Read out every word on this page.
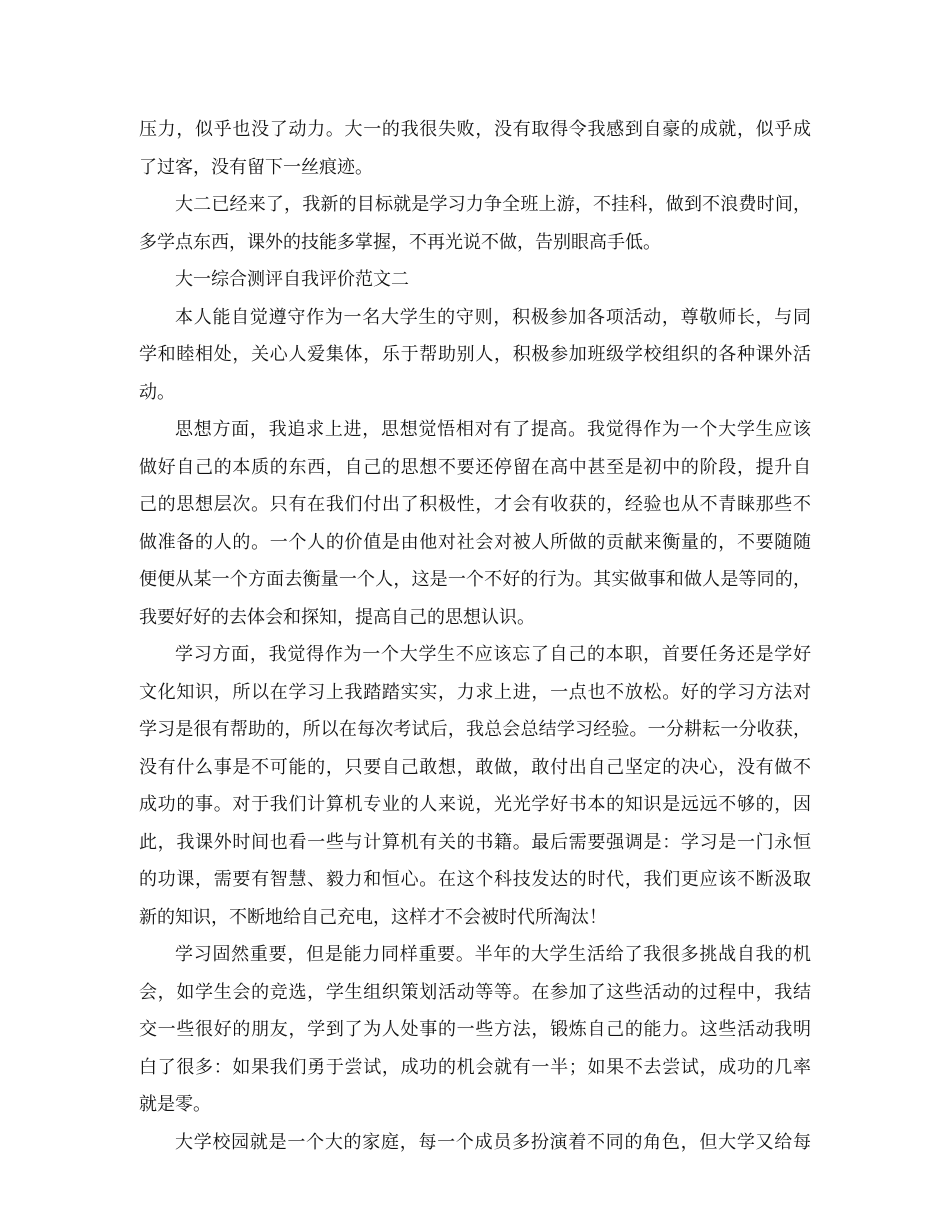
压力，似乎也没了动力。大一的我很失败，没有取得令我感到自豪的成就，似乎成
了过客，没有留下一丝痕迹。
大二已经来了，我新的目标就是学习力争全班上游，不挂科，做到不浪费时间，
多学点东西，课外的技能多掌握，不再光说不做，告别眼高手低。
大一综合测评自我评价范文二
本人能自觉遵守作为一名大学生的守则，积极参加各项活动，尊敬师长，与同
学和睦相处，关心人爱集体，乐于帮助别人，积极参加班级学校组织的各种课外活
动。
思想方面，我追求上进，思想觉悟相对有了提高。我觉得作为一个大学生应该
做好自己的本质的东西，自己的思想不要还停留在高中甚至是初中的阶段，提升自
己的思想层次。只有在我们付出了积极性，才会有收获的，经验也从不青睐那些不
做准备的人的。一个人的价值是由他对社会对被人所做的贡献来衡量的，不要随随
便便从某一个方面去衡量一个人，这是一个不好的行为。其实做事和做人是等同的，
我要好好的去体会和探知，提高自己的思想认识。
学习方面，我觉得作为一个大学生不应该忘了自己的本职，首要任务还是学好
文化知识，所以在学习上我踏踏实实，力求上进，一点也不放松。好的学习方法对
学习是很有帮助的，所以在每次考试后，我总会总结学习经验。一分耕耘一分收获，
没有什么事是不可能的，只要自己敢想，敢做，敢付出自己坚定的决心，没有做不
成功的事。对于我们计算机专业的人来说，光光学好书本的知识是远远不够的，因
此，我课外时间也看一些与计算机有关的书籍。最后需要强调是：学习是一门永恒
的功课，需要有智慧、毅力和恒心。在这个科技发达的时代，我们更应该不断汲取
新的知识，不断地给自己充电，这样才不会被时代所淘汰！
学习固然重要，但是能力同样重要。半年的大学生活给了我很多挑战自我的机
会，如学生会的竞选，学生组织策划活动等等。在参加了这些活动的过程中，我结
交一些很好的朋友，学到了为人处事的一些方法，锻炼自己的能力。这些活动我明
白了很多：如果我们勇于尝试，成功的机会就有一半；如果不去尝试，成功的几率
就是零。
大学校园就是一个大的家庭，每一个成员多扮演着不同的角色，但大学又给每
